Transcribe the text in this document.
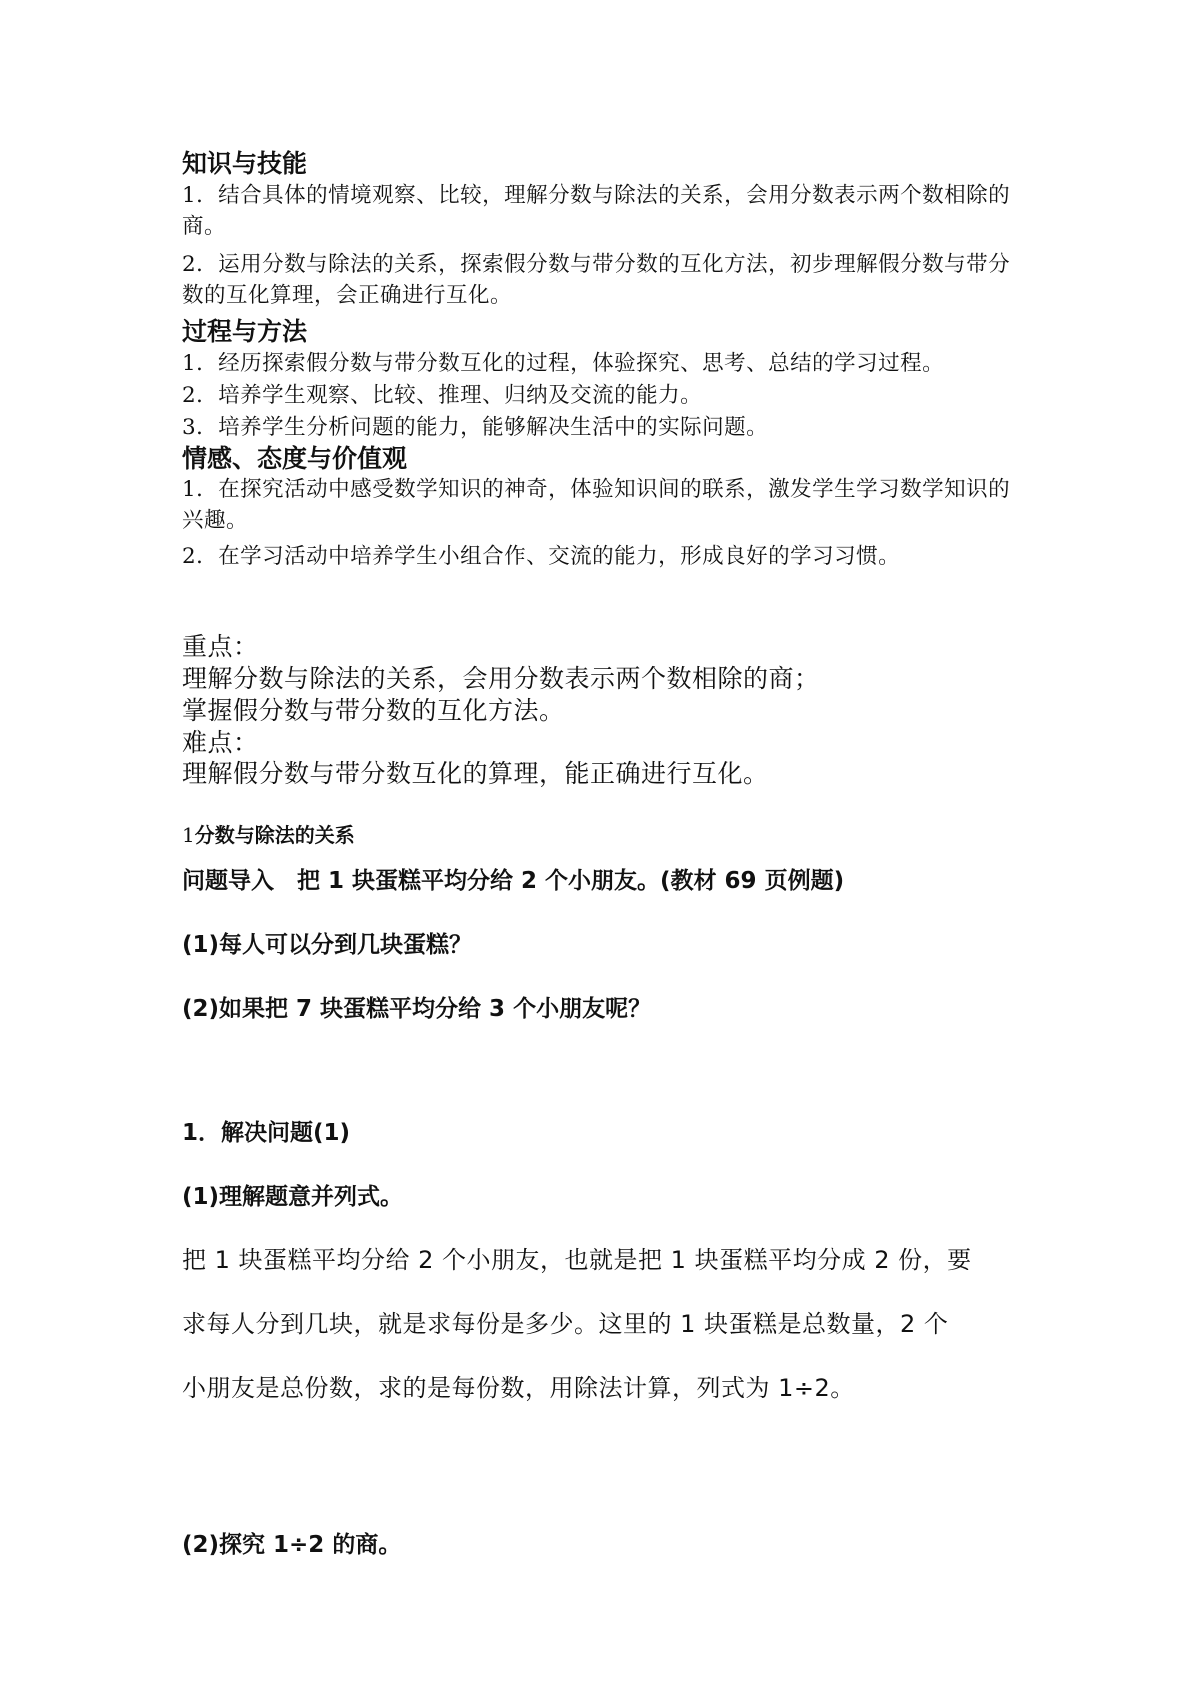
知识与技能
1．结合具体的情境观察、比较，理解分数与除法的关系，会用分数表示两个数相除的商。
2．运用分数与除法的关系，探索假分数与带分数的互化方法，初步理解假分数与带分数的互化算理，会正确进行互化。
过程与方法
1．经历探索假分数与带分数互化的过程，体验探究、思考、总结的学习过程。
2．培养学生观察、比较、推理、归纳及交流的能力。
3．培养学生分析问题的能力，能够解决生活中的实际问题。
情感、态度与价值观
1．在探究活动中感受数学知识的神奇，体验知识间的联系，激发学生学习数学知识的兴趣。
2．在学习活动中培养学生小组合作、交流的能力，形成良好的学习习惯。
重点：
理解分数与除法的关系，会用分数表示两个数相除的商；
掌握假分数与带分数的互化方法。
难点：
理解假分数与带分数互化的算理，能正确进行互化。
1分数与除法的关系
问题导入　把 1 块蛋糕平均分给 2 个小朋友。(教材 69 页例题)
(1)每人可以分到几块蛋糕？
(2)如果把 7 块蛋糕平均分给 3 个小朋友呢？
1．解决问题(1)
(1)理解题意并列式。
把 1 块蛋糕平均分给 2 个小朋友，也就是把 1 块蛋糕平均分成 2 份，要
求每人分到几块，就是求每份是多少。这里的 1 块蛋糕是总数量，2 个
小朋友是总份数，求的是每份数，用除法计算，列式为 1÷2。
(2)探究 1÷2 的商。
